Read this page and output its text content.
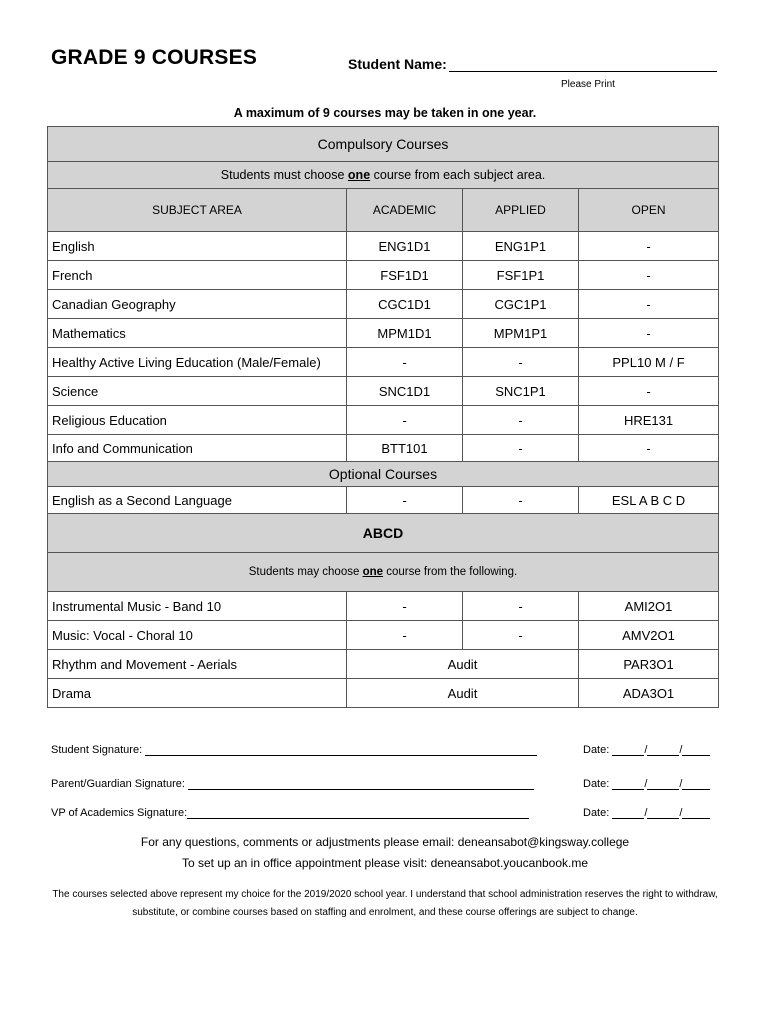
GRADE 9 COURSES	Student Name:
Please Print
A maximum of 9 courses may be taken in one year.
Compulsory Courses			
Students must choose one course from each subject area.			
SUBJECT AREA	ACADEMIC	APPLIED	OPEN
English	ENG1D1	ENG1P1	-
French	FSF1D1	FSF1P1	-
Canadian Geography	CGC1D1	CGC1P1	-
Mathematics	MPM1D1	MPM1P1	-
Healthy Active Living Education (Male/Female)	-	-	PPL10 M / F
Science	SNC1D1	SNC1P1	-
Religious Education	-	-	HRE131
Info and Communication	BTT101	-	-
Optional Courses			
English as a Second Language	-	-	ESL A B C D
ABCD			
Students may choose one course from the following.			
Instrumental Music - Band 10	-	-	AMI2O1
Music: Vocal - Choral 10	-	-	AMV2O1
Rhythm and Movement - Aerials	Audit		PAR3O1
Drama	Audit		ADA3O1
Student Signature:	Date:	/	/
Parent/Guardian Signature:	Date:	/	/
VP of Academics Signature:	Date:	/	/
For any questions, comments or adjustments please email: deneansabot@kingsway.college
To set up an in office appointment please visit: deneansabot.youcanbook.me
The courses selected above represent my choice for the 2019/2020 school year. I understand that school administration reserves the right to withdraw, substitute, or combine courses based on staffing and enrolment, and these course offerings are subject to change.
